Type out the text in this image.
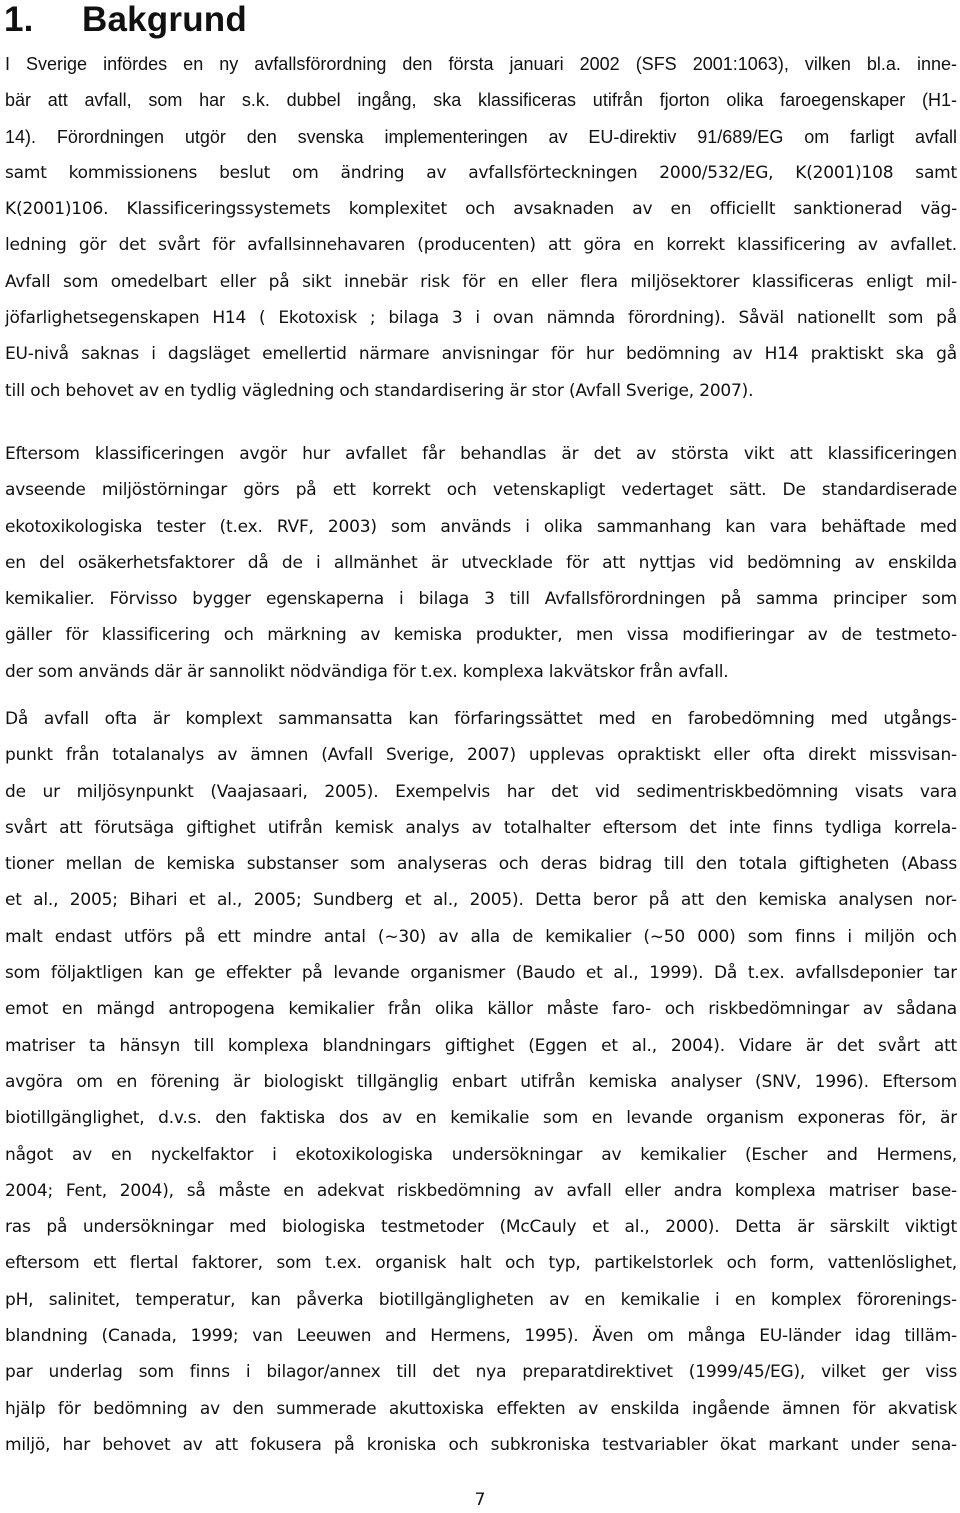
1. Bakgrund
I Sverige infördes en ny avfallsförordning den första januari 2002 (SFS 2001:1063), vilken bl.a. inne-
bär att avfall, som har s.k. dubbel ingång, ska klassificeras utifrån fjorton olika faroegenskaper (H1-
14). Förordningen utgör den svenska implementeringen av EU-direktiv 91/689/EG om farligt avfall
samt kommissionens beslut om ändring av avfallsförteckningen 2000/532/EG, K(2001)108 samt
K(2001)106. Klassificeringssystemets komplexitet och avsaknaden av en officiellt sanktionerad väg-
ledning gör det svårt för avfallsinnehavaren (producenten) att göra en korrekt klassificering av avfallet.
Avfall som omedelbart eller på sikt innebär risk för en eller flera miljösektorer klassificeras enligt mil-
jöfarlighetsegenskapen H14 ( Ekotoxisk ; bilaga 3 i ovan nämnda förordning). Såväl nationellt som på
EU-nivå saknas i dagsläget emellertid närmare anvisningar för hur bedömning av H14 praktiskt ska gå
till och behovet av en tydlig vägledning och standardisering är stor (Avfall Sverige, 2007).
Eftersom klassificeringen avgör hur avfallet får behandlas är det av största vikt att klassificeringen
avseende miljöstörningar görs på ett korrekt och vetenskapligt vedertaget sätt. De standardiserade
ekotoxikologiska tester (t.ex. RVF, 2003) som används i olika sammanhang kan vara behäftade med
en del osäkerhetsfaktorer då de i allmänhet är utvecklade för att nyttjas vid bedömning av enskilda
kemikalier. Förvisso bygger egenskaperna i bilaga 3 till Avfallsförordningen på samma principer som
gäller för klassificering och märkning av kemiska produkter, men vissa modifieringar av de testmeto-
der som används där är sannolikt nödvändiga för t.ex. komplexa lakvätskor från avfall.
Då avfall ofta är komplext sammansatta kan förfaringssättet med en farobedömning med utgångs-
punkt från totalanalys av ämnen (Avfall Sverige, 2007) upplevas opraktiskt eller ofta direkt missvisan-
de ur miljösynpunkt (Vaajasaari, 2005). Exempelvis har det vid sedimentriskbedömning visats vara
svårt att förutsäga giftighet utifrån kemisk analys av totalhalter eftersom det inte finns tydliga korrela-
tioner mellan de kemiska substanser som analyseras och deras bidrag till den totala giftigheten (Abass
et al., 2005; Bihari et al., 2005; Sundberg et al., 2005). Detta beror på att den kemiska analysen nor-
malt endast utförs på ett mindre antal (~30) av alla de kemikalier (~50 000) som finns i miljön och
som följaktligen kan ge effekter på levande organismer (Baudo et al., 1999). Då t.ex. avfallsdeponier tar
emot en mängd antropogena kemikalier från olika källor måste faro- och riskbedömningar av sådana
matriser ta hänsyn till komplexa blandningars giftighet (Eggen et al., 2004). Vidare är det svårt att
avgöra om en förening är biologiskt tillgänglig enbart utifrån kemiska analyser (SNV, 1996). Eftersom
biotillgänglighet, d.v.s. den faktiska dos av en kemikalie som en levande organism exponeras för, är
något av en nyckelfaktor i ekotoxikologiska undersökningar av kemikalier (Escher and Hermens,
2004; Fent, 2004), så måste en adekvat riskbedömning av avfall eller andra komplexa matriser base-
ras på undersökningar med biologiska testmetoder (McCauly et al., 2000). Detta är särskilt viktigt
eftersom ett flertal faktorer, som t.ex. organisk halt och typ, partikelstorlek och form, vattenlöslighet,
pH, salinitet, temperatur, kan påverka biotillgängligheten av en kemikalie i en komplex förorenings-
blandning (Canada, 1999; van Leeuwen and Hermens, 1995). Även om många EU-länder idag tilläm-
par underlag som finns i bilagor/annex till det nya preparatdirektivet (1999/45/EG), vilket ger viss
hjälp för bedömning av den summerade akuttoxiska effekten av enskilda ingående ämnen för akvatisk
miljö, har behovet av att fokusera på kroniska och subkroniska testvariabler ökat markant under sena-
7
